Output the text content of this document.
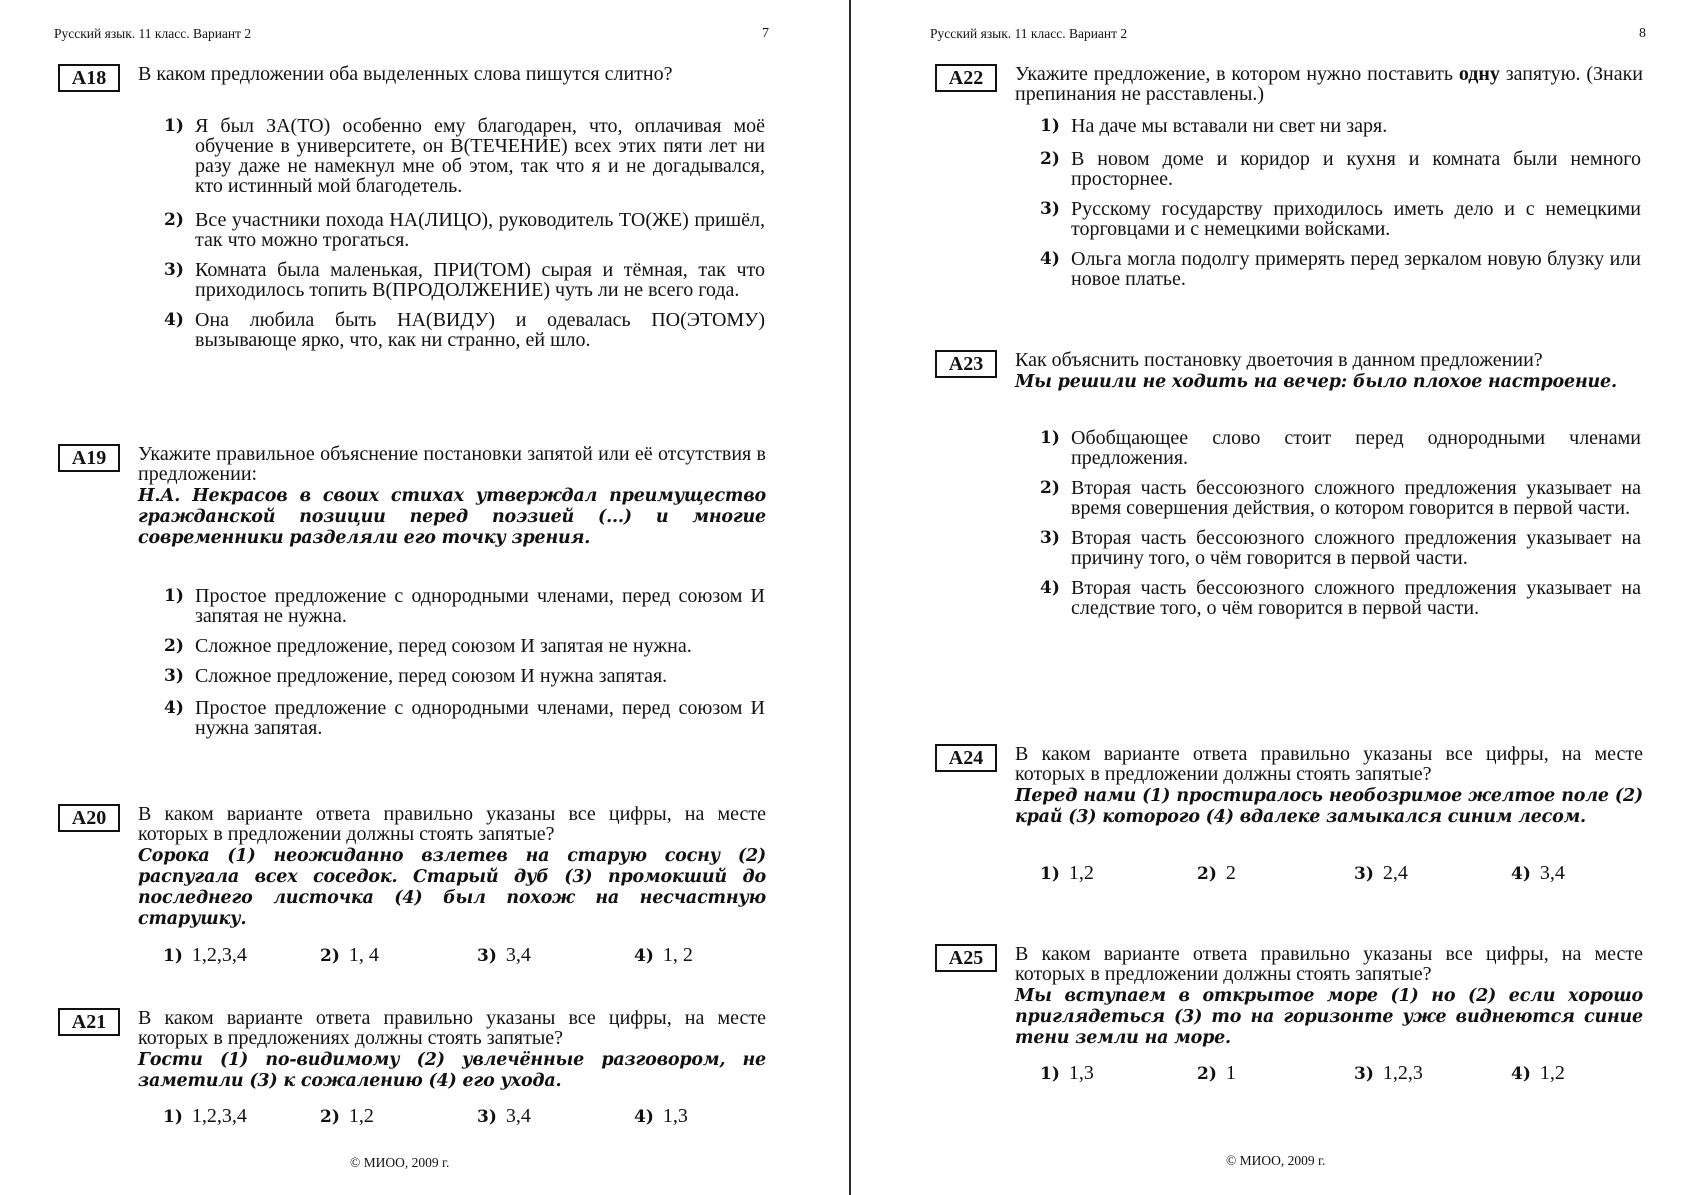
Русский язык. 11 класс. Вариант 2	7
А18	В каком предложении оба выделенных слова пишутся слитно?
1) Я был ЗА(ТО) особенно ему благодарен, что, оплачивая моё обучение в университете, он В(ТЕЧЕНИЕ) всех этих пяти лет ни разу даже не намекнул мне об этом, так что я и не догадывался, кто истинный мой благодетель.
2) Все участники похода НА(ЛИЦО), руководитель ТО(ЖЕ) пришёл, так что можно трогаться.
3) Комната была маленькая, ПРИ(ТОМ) сырая и тёмная, так что приходилось топить В(ПРОДОЛЖЕНИЕ) чуть ли не всего года.
4) Она любила быть НА(ВИДУ) и одевалась ПО(ЭТОМУ) вызывающе ярко, что, как ни странно, ей шло.
А19	Укажите правильное объяснение постановки запятой или её отсутствия в предложении:
Н.А. Некрасов в своих стихах утверждал преимущество гражданской позиции перед поэзией (...) и многие современники разделяли его точку зрения.
1) Простое предложение с однородными членами, перед союзом И запятая не нужна.
2) Сложное предложение, перед союзом И запятая не нужна.
3) Сложное предложение, перед союзом И нужна запятая.
4) Простое предложение с однородными членами, перед союзом И нужна запятая.
А20	В каком варианте ответа правильно указаны все цифры, на месте которых в предложении должны стоять запятые?
Сорока (1) неожиданно взлетев на старую сосну (2) распугала всех соседок. Старый дуб (3) промокший до последнего листочка (4) был похож на несчастную старушку.
1) 1,2,3,4	2) 1, 4	3) 3,4	4) 1, 2
А21	В каком варианте ответа правильно указаны все цифры, на месте которых в предложениях должны стоять запятые?
Гости (1) по-видимому (2) увлечённые разговором, не заметили (3) к сожалению (4) его ухода.
1) 1,2,3,4	2) 1,2	3) 3,4	4) 1,3
© МИОО, 2009 г.
Русский язык. 11 класс. Вариант 2	8
А22	Укажите предложение, в котором нужно поставить одну запятую. (Знаки препинания не расставлены.)
1) На даче мы вставали ни свет ни заря.
2) В новом доме и коридор и кухня и комната были немного просторнее.
3) Русскому государству приходилось иметь дело и с немецкими торговцами и с немецкими войсками.
4) Ольга могла подолгу примерять перед зеркалом новую блузку или новое платье.
А23	Как объяснить постановку двоеточия в данном предложении?
Мы решили не ходить на вечер: было плохое настроение.
1) Обобщающее слово стоит перед однородными членами предложения.
2) Вторая часть бессоюзного сложного предложения указывает на время совершения действия, о котором говорится в первой части.
3) Вторая часть бессоюзного сложного предложения указывает на причину того, о чём говорится в первой части.
4) Вторая часть бессоюзного сложного предложения указывает на следствие того, о чём говорится в первой части.
А24	В каком варианте ответа правильно указаны все цифры, на месте которых в предложении должны стоять запятые?
Перед нами (1) простиралось необозримое желтое поле (2) край (3) которого (4) вдалеке замыкался синим лесом.
1) 1,2	2) 2	3) 2,4	4) 3,4
А25	В каком варианте ответа правильно указаны все цифры, на месте которых в предложении должны стоять запятые?
Мы вступаем в открытое море (1) но (2) если хорошо приглядеться (3) то на горизонте уже виднеются синие тени земли на море.
1) 1,3	2) 1	3) 1,2,3	4) 1,2
© МИОО, 2009 г.
